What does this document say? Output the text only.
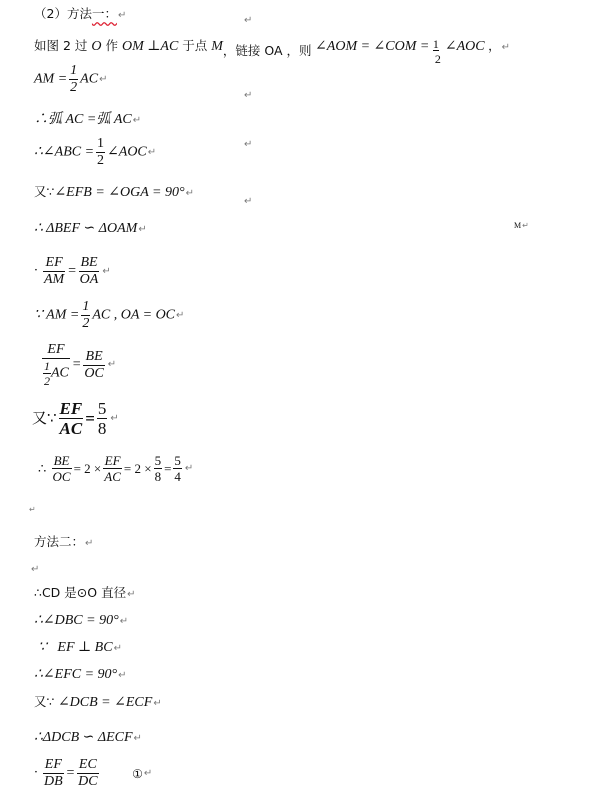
（2）方法一：↵
如图 2 过 O 作 OM ⊥AC 于点 M，链接 OA ，则 ∠AOM = ∠COM =
$\frac{1}{2}$
∠AOC ，↵
AM = $\frac{1}{2}$ AC↵
∴弧 AC =弧 AC↵
∴∠ABC = $\frac{1}{2}$ ∠AOC↵
又∵∠EFB = ∠OGA = 90°↵
∴ ΔBEF ∽ ΔOAM↵	M↵
· $\frac{EF}{AM} = \frac{BE}{OA}$ ↵
∵ AM = $\frac{1}{2}$ AC , OA = OC↵
$\frac{EF}{\frac{1}{2} AC} = \frac{BE}{OC}$ ↵
又∵ $\frac{EF}{AC} = \frac{5}{8}$ ↵
∴ $\frac{BE}{OC} = 2 \times \frac{EF}{AC} = 2 \times \frac{5}{8} = \frac{5}{4}$ ↵
↵
方法二：↵
↵
∴CD 是⊙O 直径↵
∴∠DBC = 90°↵
∵   EF ⊥ BC↵
∴∠EFC = 90°↵
又∵ ∠DCB = ∠ECF↵
∴ΔDCB ∽ ΔECF↵
· $\frac{EF}{DB} = \frac{EC}{DC}$	①↵
↵
↵
↵
↵
